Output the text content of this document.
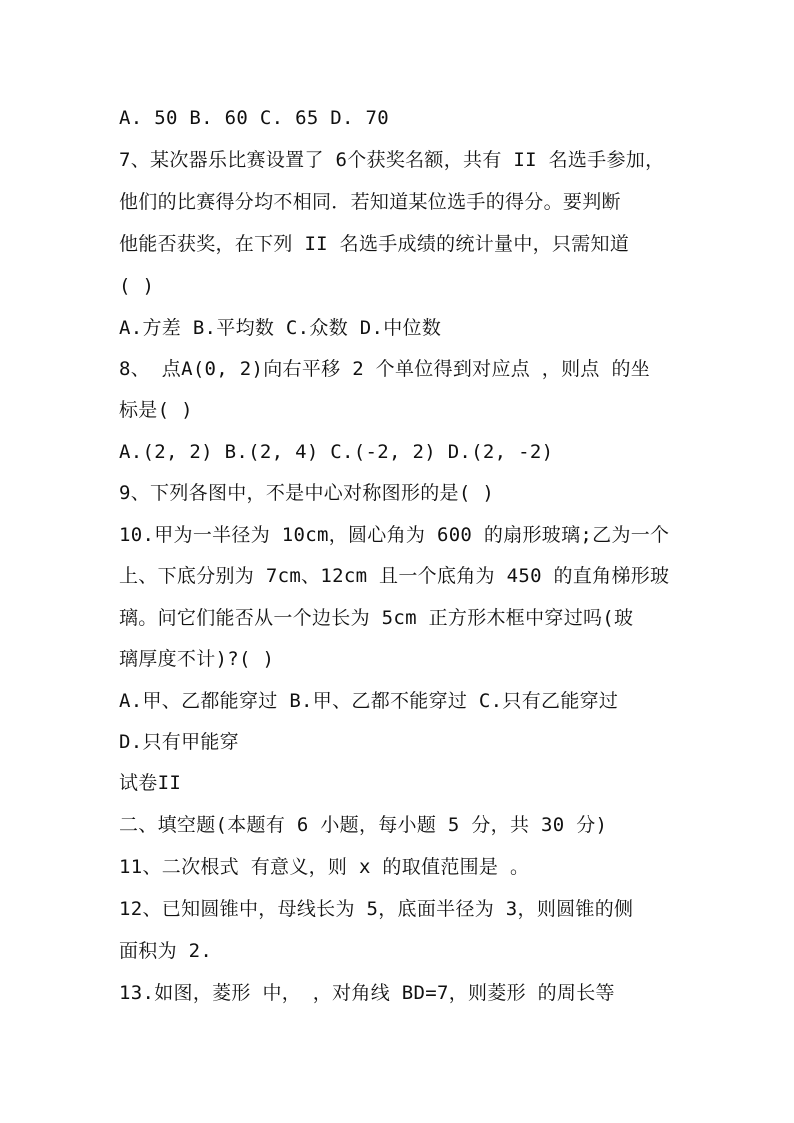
A. 50 B. 60 C. 65 D. 70
7、某次器乐比赛设置了 6个获奖名额，共有 II 名选手参加，
他们的比赛得分均不相同．若知道某位选手的得分。要判断
他能否获奖，在下列 II 名选手成绩的统计量中，只需知道
( )
A.方差 B.平均数 C.众数 D.中位数
8、 点A(0, 2)向右平移 2 个单位得到对应点 ，则点 的坐
标是( )
A.(2, 2) B.(2, 4) C.(-2, 2) D.(2, -2)
9、下列各图中，不是中心对称图形的是( )
10.甲为一半径为 10cm，圆心角为 600 的扇形玻璃;乙为一个
上、下底分别为 7cm、12cm 且一个底角为 450 的直角梯形玻
璃。问它们能否从一个边长为 5cm 正方形木框中穿过吗(玻
璃厚度不计)?( )
A.甲、乙都能穿过 B.甲、乙都不能穿过 C.只有乙能穿过
D.只有甲能穿
试卷II
二、填空题(本题有 6 小题，每小题 5 分，共 30 分)
11、二次根式 有意义，则 x 的取值范围是 。
12、已知圆锥中，母线长为 5，底面半径为 3，则圆锥的侧
面积为 2.
13.如图，菱形 中， ，对角线 BD=7，则菱形 的周长等
